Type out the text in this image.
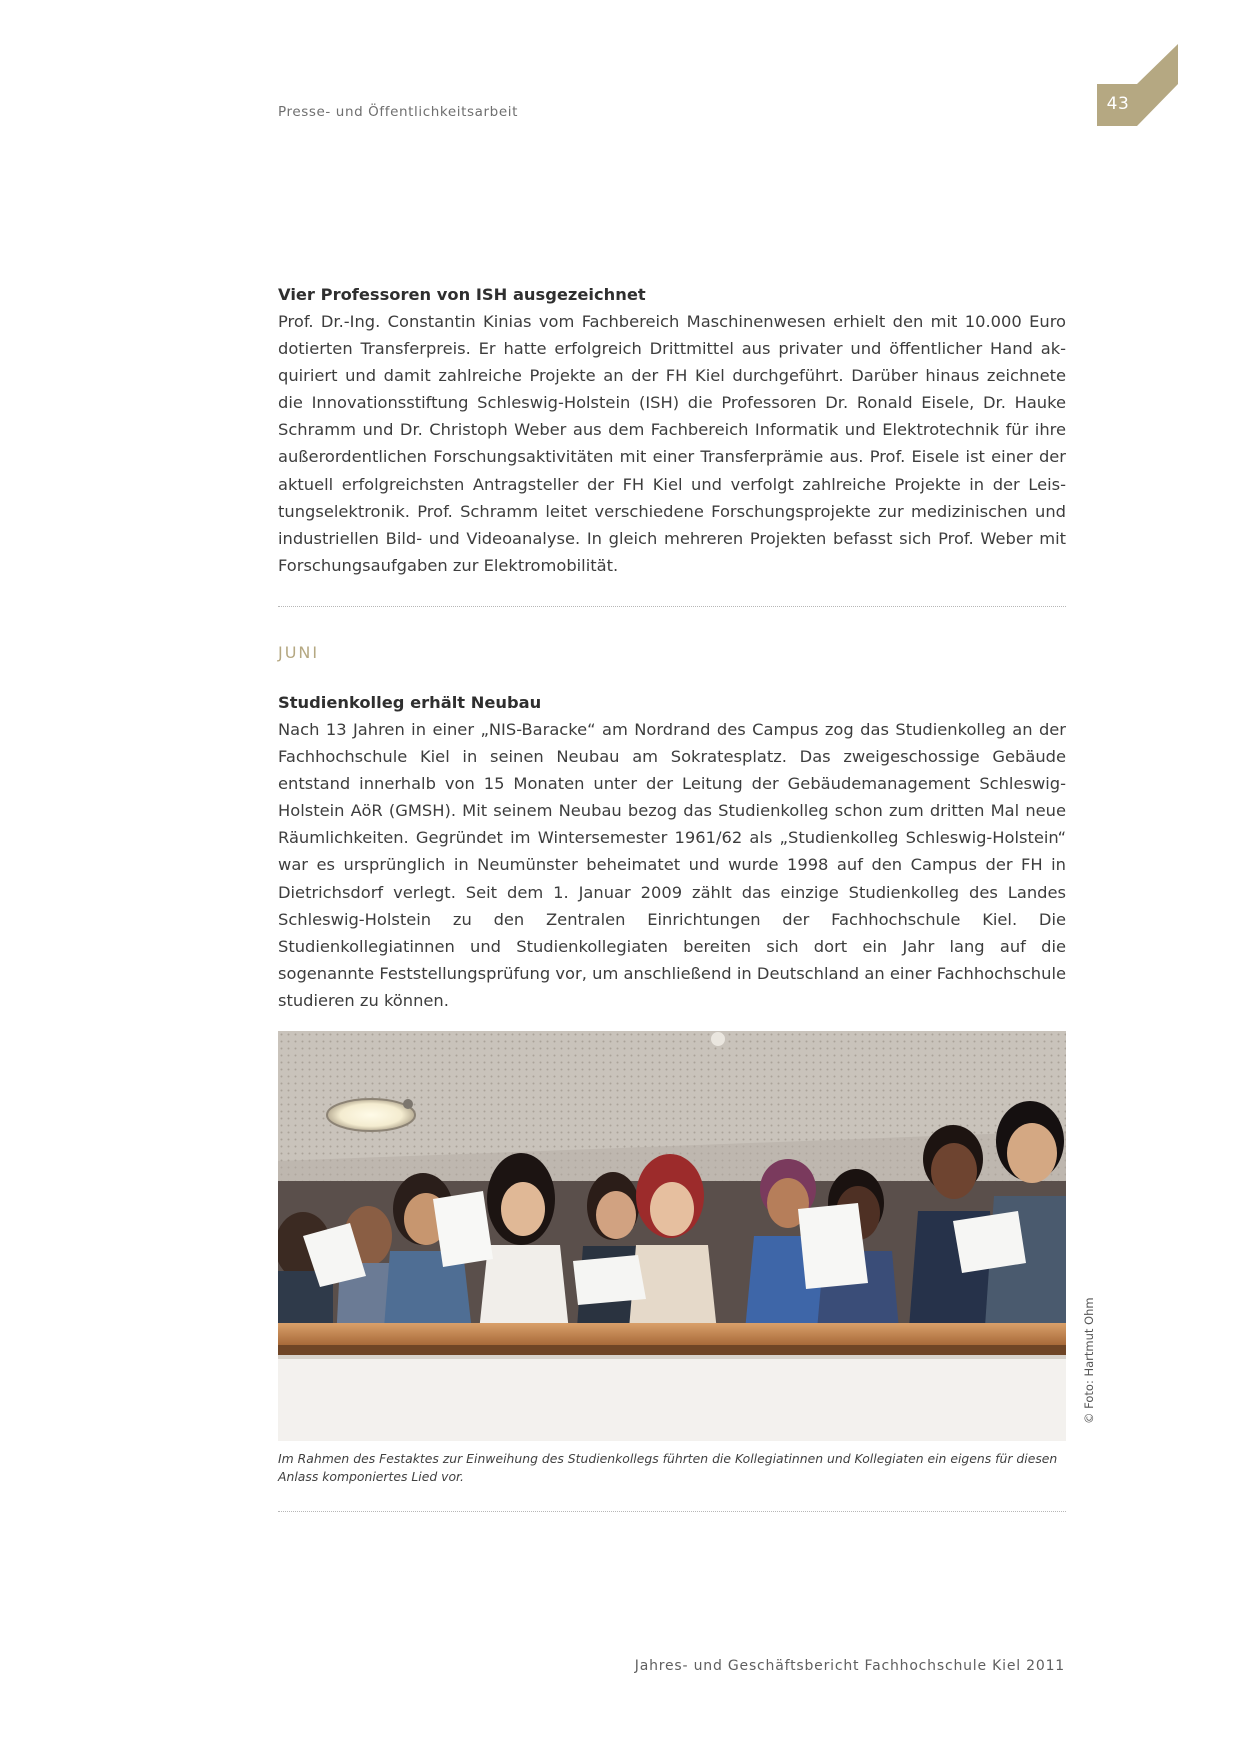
Presse- und Öffentlichkeitsarbeit	43
Vier Professoren von ISH ausgezeichnet

Prof. Dr.-Ing. Constantin Kinias vom Fachbereich Maschinenwesen erhielt den mit 10.000 Euro dotierten Transferpreis. Er hatte erfolgreich Drittmittel aus privater und öffentlicher Hand akquiriert und damit zahlreiche Projekte an der FH Kiel durchgeführt. Darüber hinaus zeichnete die Innovationsstiftung Schleswig-Holstein (ISH) die Professoren Dr. Ronald Eisele, Dr. Hauke Schramm und Dr. Christoph Weber aus dem Fachbereich Informatik und Elektrotechnik für ihre außerordentlichen Forschungsaktivitäten mit einer Transferprämie aus. Prof. Eisele ist einer der aktuell erfolgreichsten Antragsteller der FH Kiel und verfolgt zahlreiche Projekte in der Leistungselektronik. Prof. Schramm leitet verschiedene Forschungsprojekte zur medizinischen und industriellen Bild- und Videoanalyse. In gleich mehreren Projekten befasst sich Prof. Weber mit Forschungsaufgaben zur Elektromobilität.

JUNI
Studienkolleg erhält Neubau

Nach 13 Jahren in einer „NIS-Baracke“ am Nordrand des Campus zog das Studienkolleg an der Fachhochschule Kiel in seinen Neubau am Sokratesplatz. Das zweigeschossige Gebäude entstand innerhalb von 15 Monaten unter der Leitung der Gebäudemanagement Schleswig-Holstein AöR (GMSH). Mit seinem Neubau bezog das Studienkolleg schon zum dritten Mal neue Räumlichkeiten. Gegründet im Wintersemester 1961/62 als „Studienkolleg Schleswig-Holstein“ war es ursprünglich in Neumünster beheimatet und wurde 1998 auf den Campus der FH in Dietrichsdorf verlegt. Seit dem 1. Januar 2009 zählt das einzige Studienkolleg des Landes Schleswig-Holstein zu den Zentralen Einrichtungen der Fachhochschule Kiel. Die Studienkollegiatinnen und Studienkollegiaten bereiten sich dort ein Jahr lang auf die sogenannte Feststellungsprüfung vor, um anschließend in Deutschland an einer Fachhochschule studieren zu können.

Im Rahmen des Festaktes zur Einweihung des Studienkollegs führten die Kollegiatinnen und Kollegiaten ein eigens für diesen Anlass komponiertes Lied vor.

© Foto: Hartmut Ohm
Jahres- und Geschäftsbericht Fachhochschule Kiel 2011
